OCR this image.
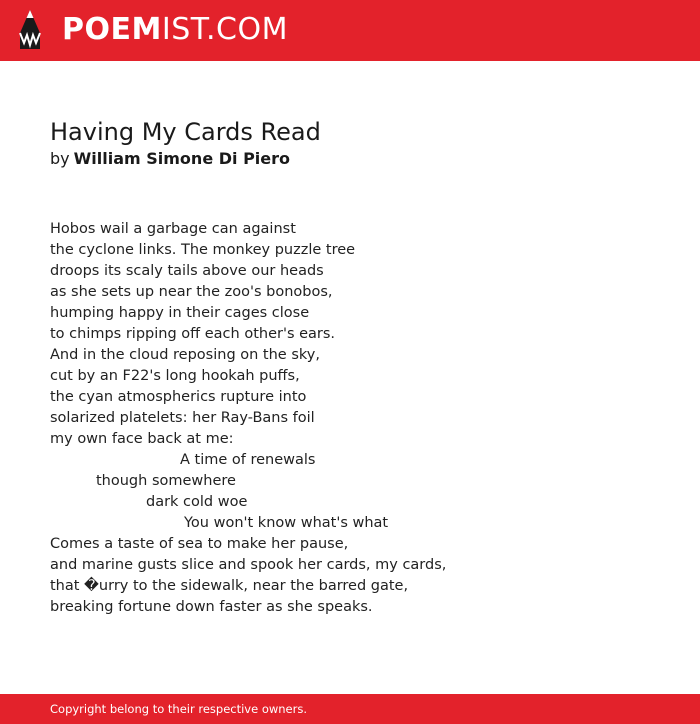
POEMIST.COM
Having My Cards Read
by William Simone Di Piero
Hobos wail a garbage can against
the cyclone links. The monkey puzzle tree
droops its scaly tails above our heads
as she sets up near the zoo's bonobos,
humping happy in their cages close
to chimps ripping off each other's ears.
And in the cloud reposing on the sky,
cut by an F22's long hookah puffs,
the cyan atmospherics rupture into
solarized platelets: her Ray-Bans foil
my own face back at me:
A time of renewals
though somewhere
dark cold woe
You won't know what's what
Comes a taste of sea to make her pause,
and marine gusts slice and spook her cards, my cards,
that �urry to the sidewalk, near the barred gate,
breaking fortune down faster as she speaks.
Copyright belong to their respective owners.
